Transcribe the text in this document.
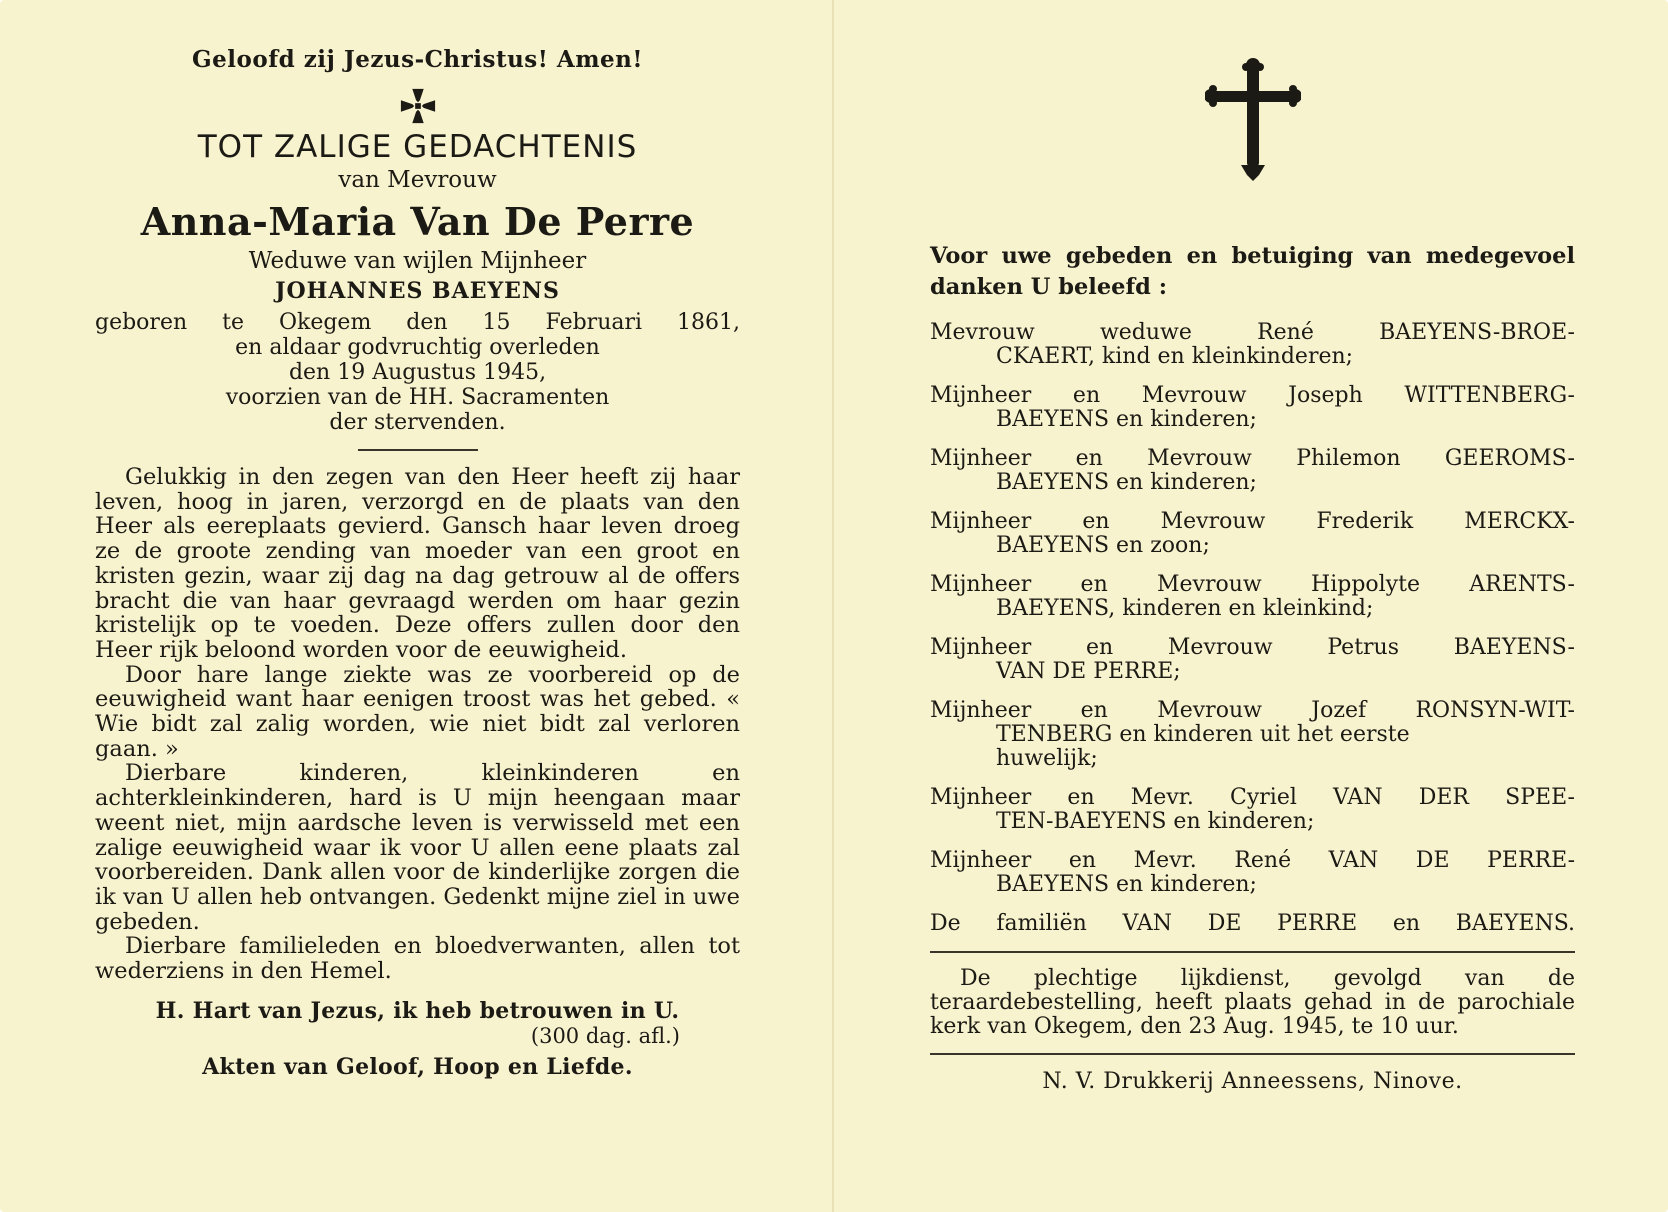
Geloofd zij Jezus-Christus! Amen!

TOT ZALIGE GEDACHTENIS

van Mevrouw

Anna-Maria Van De Perre

Weduwe van wijlen Mijnheer

JOHANNES BAEYENS

geboren te Okegem den 15 Februari 1861,

en aldaar godvruchtig overleden

den 19 Augustus 1945,

voorzien van de HH. Sacramenten

der stervenden.

Gelukkig in den zegen van den Heer heeft zij haar leven, hoog in jaren, verzorgd en de plaats van den Heer als eereplaats gevierd. Gansch haar leven droeg ze de groote zending van moeder van een groot en kristen gezin, waar zij dag na dag getrouw al de offers bracht die van haar gevraagd werden om haar gezin kristelijk op te voeden. Deze offers zullen door den Heer rijk beloond worden voor de eeuwigheid.

Door hare lange ziekte was ze voorbereid op de eeuwigheid want haar eenigen troost was het gebed. « Wie bidt zal zalig worden, wie niet bidt zal verloren gaan. »

Dierbare kinderen, kleinkinderen en achterkleinkinderen, hard is U mijn heengaan maar weent niet, mijn aardsche leven is verwisseld met een zalige eeuwigheid waar ik voor U allen eene plaats zal voorbereiden. Dank allen voor de kinderlijke zorgen die ik van U allen heb ontvangen. Gedenkt mijne ziel in uwe gebeden.

Dierbare familieleden en bloedverwanten, allen tot wederziens in den Hemel.

H. Hart van Jezus, ik heb betrouwen in U.

(300 dag. afl.)

Akten van Geloof, Hoop en Liefde.

Voor uwe gebeden en betuiging van medegevoel
danken U beleefd :

Mevrouw weduwe René BAEYENS-BROE-
CKAERT, kind en kleinkinderen;
Mijnheer en Mevrouw Joseph WITTENBERG-
BAEYENS en kinderen;
Mijnheer en Mevrouw Philemon GEEROMS-
BAEYENS en kinderen;
Mijnheer en Mevrouw Frederik MERCKX-
BAEYENS en zoon;
Mijnheer en Mevrouw Hippolyte ARENTS-
BAEYENS, kinderen en kleinkind;
Mijnheer en Mevrouw Petrus BAEYENS-
VAN DE PERRE;
Mijnheer en Mevrouw Jozef RONSYN-WIT-
TENBERG en kinderen uit het eerste
huwelijk;
Mijnheer en Mevr. Cyriel VAN DER SPEE-
TEN-BAEYENS en kinderen;
Mijnheer en Mevr. René VAN DE PERRE-
BAEYENS en kinderen;
De familiën VAN DE PERRE en BAEYENS.

De plechtige lijkdienst, gevolgd van de teraardebestelling, heeft plaats gehad in de parochiale kerk van Okegem, den 23 Aug. 1945, te 10 uur.

N. V. Drukkerij Anneessens, Ninove.
